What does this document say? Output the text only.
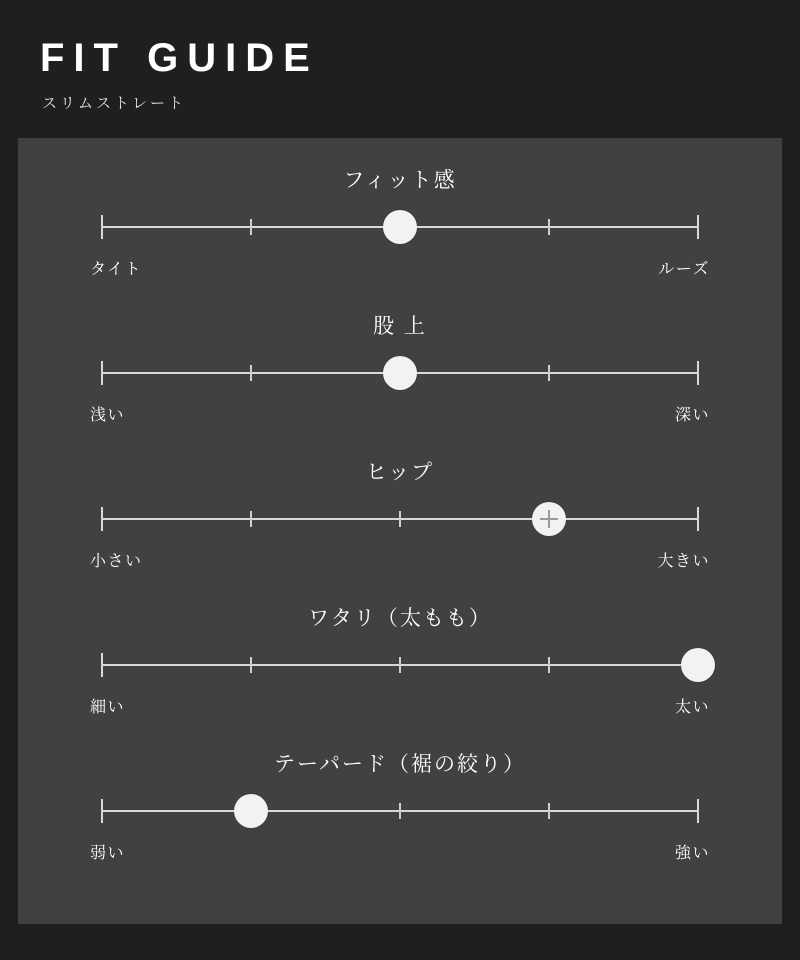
FIT GUIDE
スリムストレート
フィット感
タイト	ルーズ
股 上
浅い	深い
ヒップ
小さい	大きい
ワタリ（太もも）
細い	太い
テーパード（裾の絞り）
弱い	強い
